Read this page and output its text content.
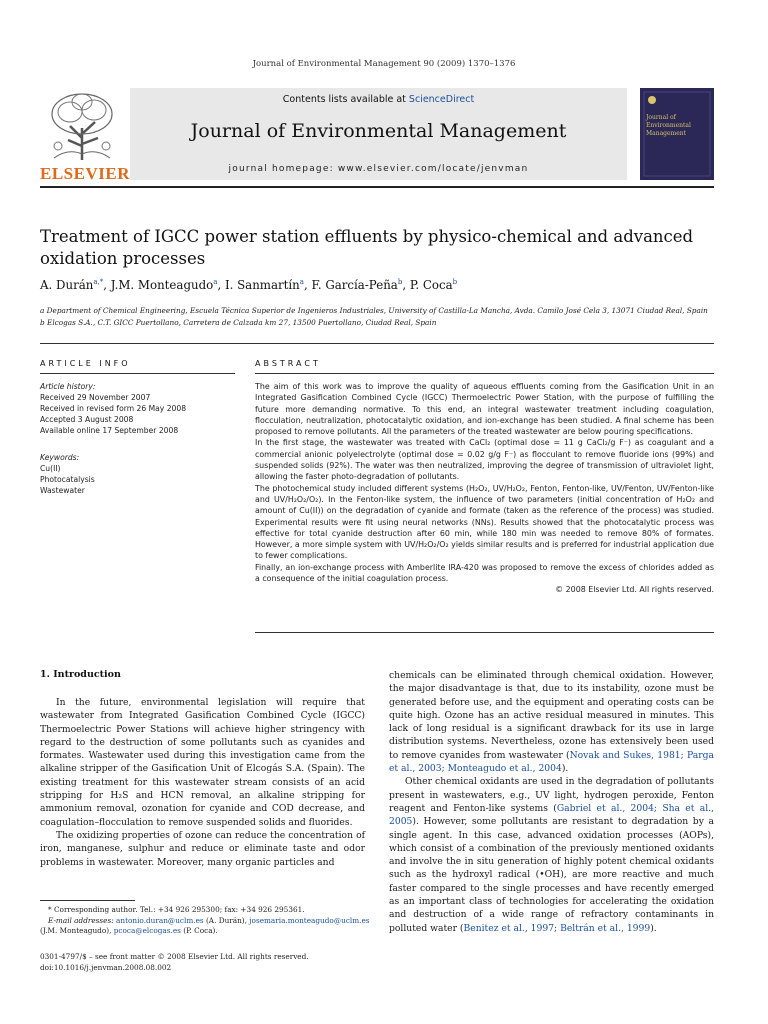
Journal of Environmental Management 90 (2009) 1370–1376
ELSEVIER
Contents lists available at ScienceDirect
Journal of Environmental Management
journal homepage: www.elsevier.com/locate/jenvman
Journal of Environmental Management
Treatment of IGCC power station effluents by physico-chemical and advanced oxidation processes
A. Durán$^{a,*}$, J.M. Monteagudo$^a$, I. Sanmartín$^a$, F. García-Peña$^b$, P. Coca$^b$
a Department of Chemical Engineering, Escuela Técnica Superior de Ingenieros Industriales, University of Castilla-La Mancha, Avda. Camilo José Cela 3, 13071 Ciudad Real, Spain
b Elcogas S.A., C.T. GICC Puertollano, Carretera de Calzada km 27, 13500 Puertollano, Ciudad Real, Spain
ARTICLE INFO
Article history:
Received 29 November 2007
Received in revised form 26 May 2008
Accepted 3 August 2008
Available online 17 September 2008
Keywords:
Cu(II)
Photocatalysis
Wastewater
ABSTRACT

The aim of this work was to improve the quality of aqueous effluents coming from the Gasification Unit in an Integrated Gasification Combined Cycle (IGCC) Thermoelectric Power Station, with the purpose of fulfilling the future more demanding normative. To this end, an integral wastewater treatment including coagulation, flocculation, neutralization, photocatalytic oxidation, and ion-exchange has been studied. A final scheme has been proposed to remove pollutants. All the parameters of the treated wastewater are below pouring specifications.

In the first stage, the wastewater was treated with CaCl₂ (optimal dose = 11 g CaCl₂/g F⁻) as coagulant and a commercial anionic polyelectrolyte (optimal dose = 0.02 g/g F⁻) as flocculant to remove fluoride ions (99%) and suspended solids (92%). The water was then neutralized, improving the degree of transmission of ultraviolet light, allowing the faster photo-degradation of pollutants.

The photochemical study included different systems (H₂O₂, UV/H₂O₂, Fenton, Fenton-like, UV/Fenton, UV/Fenton-like and UV/H₂O₂/O₂). In the Fenton-like system, the influence of two parameters (initial concentration of H₂O₂ and amount of Cu(II)) on the degradation of cyanide and formate (taken as the reference of the process) was studied. Experimental results were fit using neural networks (NNs). Results showed that the photocatalytic process was effective for total cyanide destruction after 60 min, while 180 min was needed to remove 80% of formates. However, a more simple system with UV/H₂O₂/O₂ yields similar results and is preferred for industrial application due to fewer complications.

Finally, an ion-exchange process with Amberlite IRA-420 was proposed to remove the excess of chlorides added as a consequence of the initial coagulation process.

© 2008 Elsevier Ltd. All rights reserved.

1. Introduction

In the future, environmental legislation will require that wastewater from Integrated Gasification Combined Cycle (IGCC) Thermoelectric Power Stations will achieve higher stringency with regard to the destruction of some pollutants such as cyanides and formates. Wastewater used during this investigation came from the alkaline stripper of the Gasification Unit of Elcogás S.A. (Spain). The existing treatment for this wastewater stream consists of an acid stripping for H₂S and HCN removal, an alkaline stripping for ammonium removal, ozonation for cyanide and COD decrease, and coagulation–flocculation to remove suspended solids and fluorides.

The oxidizing properties of ozone can reduce the concentration of iron, manganese, sulphur and reduce or eliminate taste and odor problems in wastewater. Moreover, many organic particles and

chemicals can be eliminated through chemical oxidation. However, the major disadvantage is that, due to its instability, ozone must be generated before use, and the equipment and operating costs can be quite high. Ozone has an active residual measured in minutes. This lack of long residual is a significant drawback for its use in large distribution systems. Nevertheless, ozone has extensively been used to remove cyanides from wastewater (Novak and Sukes, 1981; Parga et al., 2003; Monteagudo et al., 2004).

Other chemical oxidants are used in the degradation of pollutants present in wastewaters, e.g., UV light, hydrogen peroxide, Fenton reagent and Fenton-like systems (Gabriel et al., 2004; Sha et al., 2005). However, some pollutants are resistant to degradation by a single agent. In this case, advanced oxidation processes (AOPs), which consist of a combination of the previously mentioned oxidants and involve the in situ generation of highly potent chemical oxidants such as the hydroxyl radical (•OH), are more reactive and much faster compared to the single processes and have recently emerged as an important class of technologies for accelerating the oxidation and destruction of a wide range of refractory contaminants in polluted water (Benitez et al., 1997; Beltrán et al., 1999).

* Corresponding author. Tel.: +34 926 295300; fax: +34 926 295361.
E-mail addresses: antonio.duran@uclm.es (A. Durán), josemaria.monteagudo@uclm.es (J.M. Monteagudo), pcoca@elcogas.es (P. Coca).
0301-4797/$ – see front matter © 2008 Elsevier Ltd. All rights reserved.
doi:10.1016/j.jenvman.2008.08.002
